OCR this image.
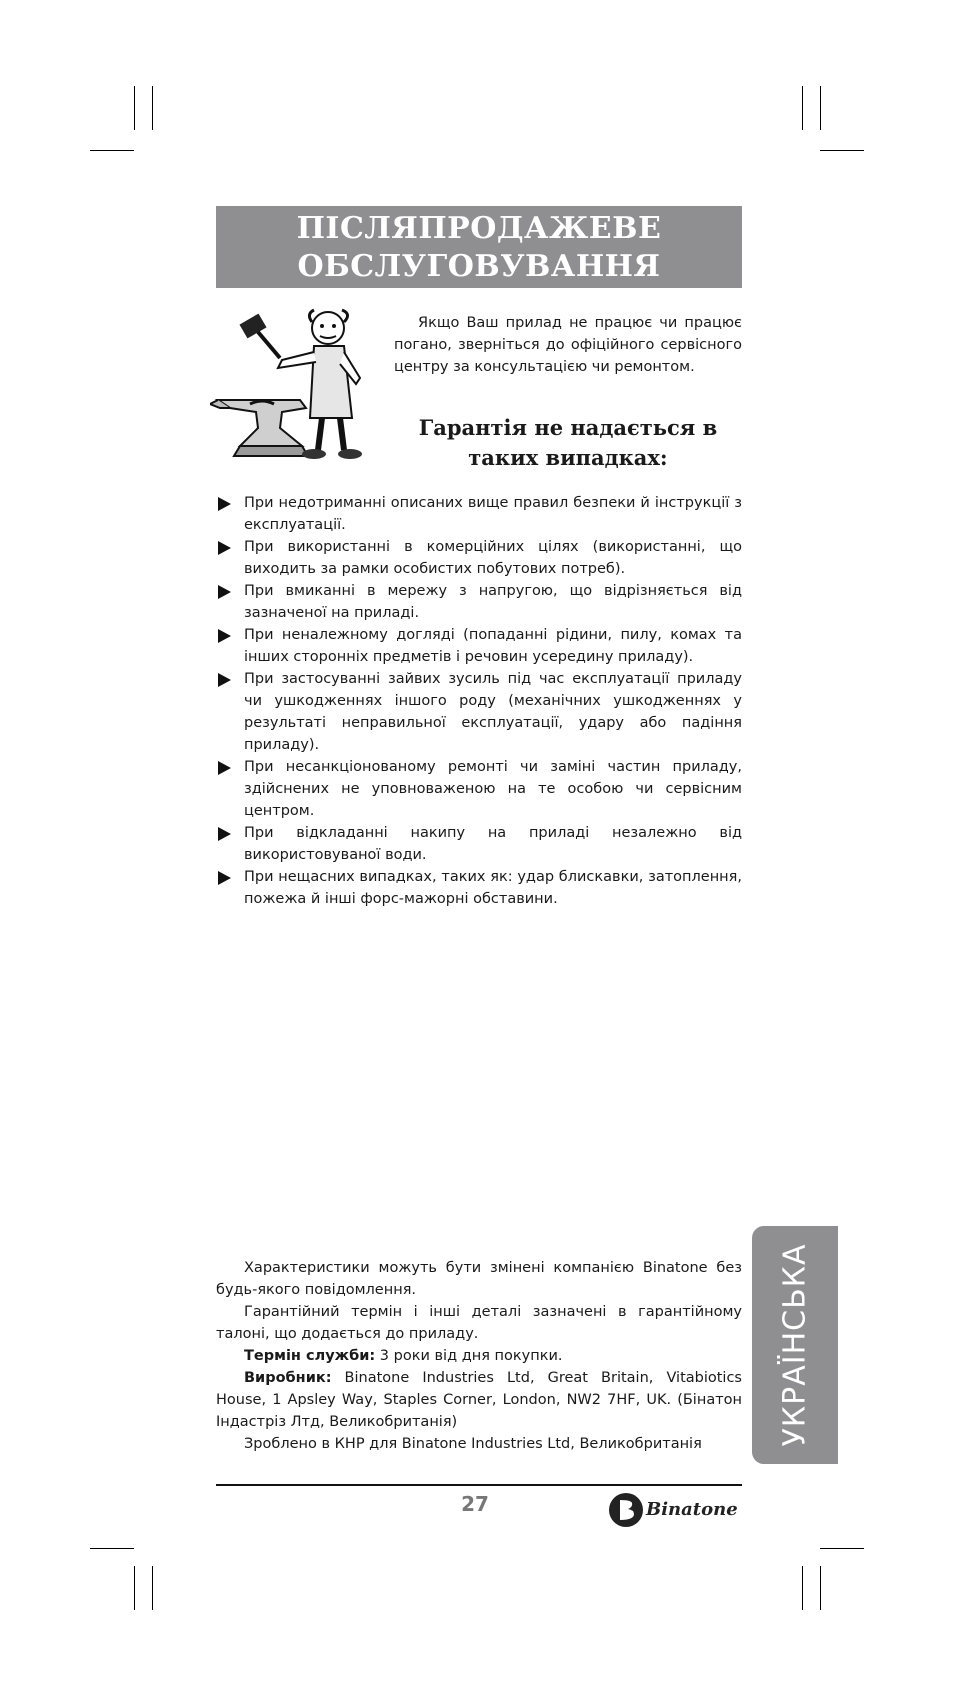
ПІСЛЯПРОДАЖЕВЕ
ОБСЛУГОВУВАННЯ

Якщо Ваш прилад не працює чи працює погано, зверніться до офіційного сервісного центру за консультацією чи ремонтом.

Гарантія не надається в
таких випадках:
При недотриманні описаних вище правил безпеки й інструкції з експлуатації.
При використанні в комерційних цілях (використанні, що виходить за рамки особистих побутових потреб).
При вмиканні в мережу з напругою, що відрізняється від зазначеної на приладі.
При неналежному догляді (попаданні рідини, пилу, комах та інших сторонніх предметів і речовин усередину приладу).
При застосуванні зайвих зусиль під час експлуатації приладу чи ушкодженнях іншого роду (механічних ушкодженнях у результаті неправильної експлуатації, удару або падіння приладу).
При несанкціонованому ремонті чи заміні частин приладу, здійснених не уповноваженою на те особою чи сервісним центром.
При відкладанні накипу на приладі незалежно від використовуваної води.
При нещасних випадках, таких як: удар блискавки, затоплення, пожежа й інші форс-мажорні обставини.

Характеристики можуть бути змінені компанією Binatone без будь-якого повідомлення.

Гарантійний термін і інші деталі зазначені в гарантійному талоні, що додається до приладу.

Термін служби: 3 роки від дня покупки.

Виробник: Binatone Industries Ltd, Great Britain, Vitabiotics House, 1 Apsley Way, Staples Corner, London, NW2 7HF, UK. (Бінатон Індастріз Лтд, Великобританія)

Зроблено в КНР для Binatone Industries Ltd, Великобританія	УКРАЇНСЬКА
27	Binatone
